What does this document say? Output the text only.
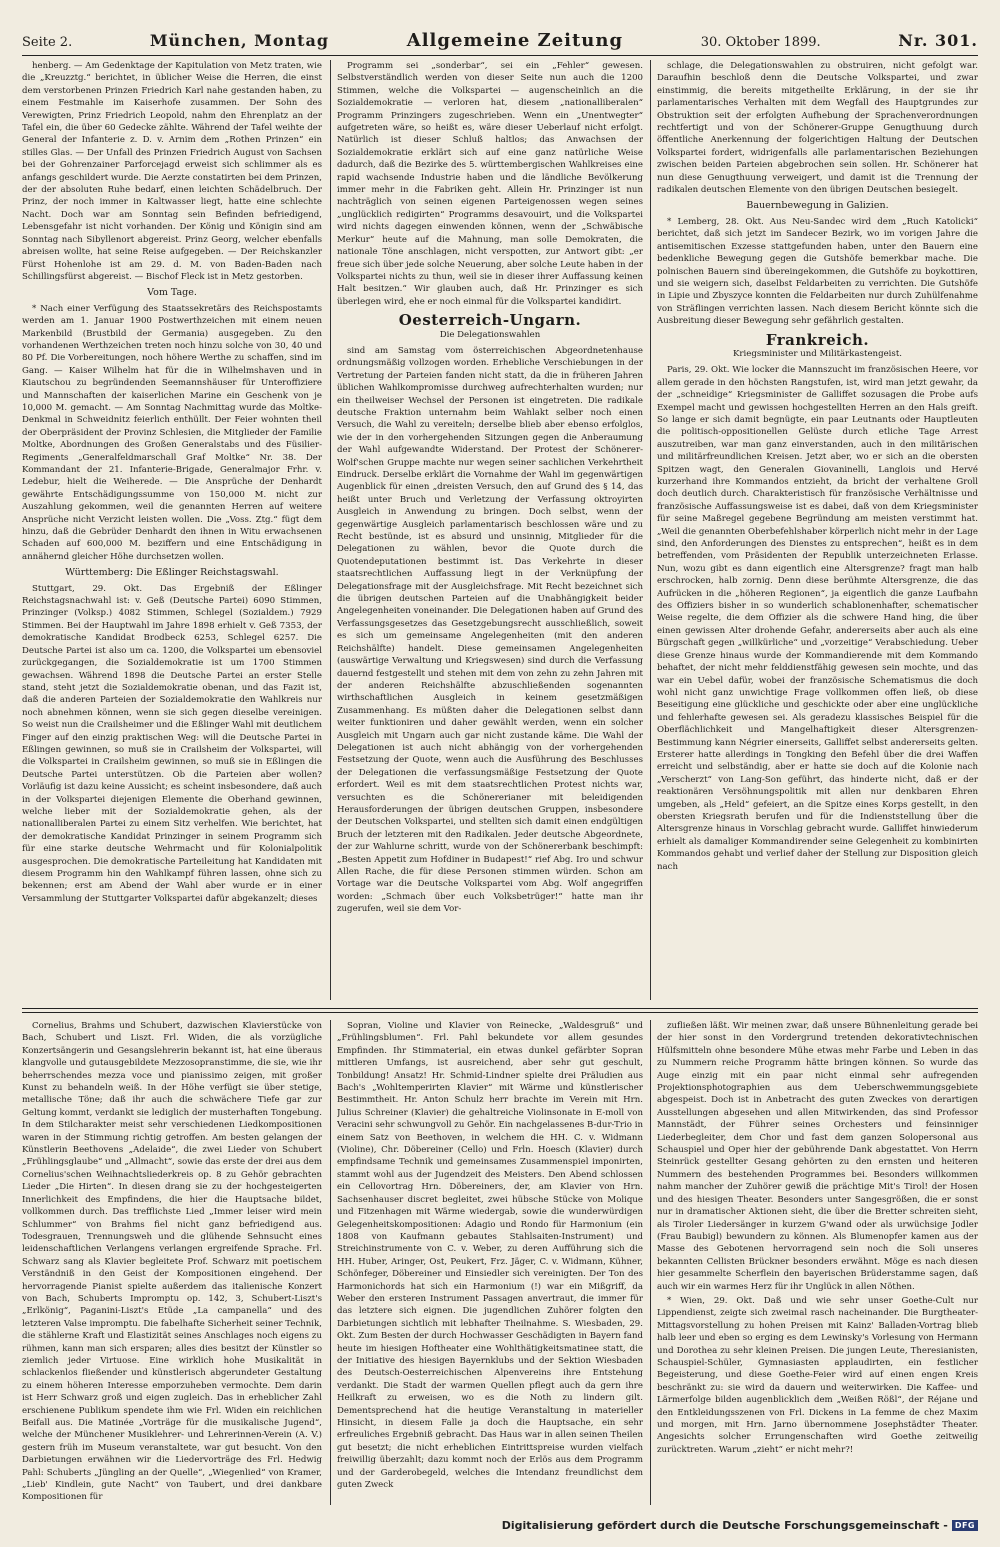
Seite 2.	München, Montag	Allgemeine Zeitung	30. Oktober 1899.	Nr. 301.

henberg. — Am Gedenktage der Kapitulation von Metz traten, wie die „Kreuzztg.“ berichtet, in üblicher Weise die Herren, die einst dem verstorbenen Prinzen Friedrich Karl nahe gestanden haben, zu einem Festmahle im Kaiserhofe zusammen. Der Sohn des Verewigten, Prinz Friedrich Leopold, nahm den Ehrenplatz an der Tafel ein, die über 60 Gedecke zählte. Während der Tafel weihte der General der Infanterie z. D. v. Arnim dem „Rothen Prinzen“ ein stilles Glas. — Der Unfall des Prinzen Friedrich August von Sachsen bei der Gohrenzainer Parforcejagd erweist sich schlimmer als es anfangs geschildert wurde. Die Aerzte constatirten bei dem Prinzen, der der absoluten Ruhe bedarf, einen leichten Schädelbruch. Der Prinz, der noch immer in Kaltwasser liegt, hatte eine schlechte Nacht. Doch war am Sonntag sein Befinden befriedigend, Lebensgefahr ist nicht vorhanden. Der König und Königin sind am Sonntag nach Sibyllenort abgereist. Prinz Georg, welcher ebenfalls abreisen wollte, hat seine Reise aufgegeben. — Der Reichskanzler Fürst Hohenlohe ist am 29. d. M. von Baden-Baden nach Schillingsfürst abgereist. — Bischof Fleck ist in Metz gestorben.

Vom Tage.

* Nach einer Verfügung des Staatssekretärs des Reichspostamts werden am 1. Januar 1900 Postwerthzeichen mit einem neuen Markenbild (Brustbild der Germania) ausgegeben. Zu den vorhandenen Werthzeichen treten noch hinzu solche von 30, 40 und 80 Pf. Die Vorbereitungen, noch höhere Werthe zu schaffen, sind im Gang. — Kaiser Wilhelm hat für die in Wilhelmshaven und in Kiautschou zu begründenden Seemannshäuser für Unteroffiziere und Mannschaften der kaiserlichen Marine ein Geschenk von je 10,000 M. gemacht. — Am Sonntag Nachmittag wurde das Moltke-Denkmal in Schweidnitz feierlich enthüllt. Der Feier wohnten theil der Oberpräsident der Provinz Schlesien, die Mitglieder der Familie Moltke, Abordnungen des Großen Generalstabs und des Füsilier-Regiments „Generalfeldmarschall Graf Moltke“ Nr. 38. Der Kommandant der 21. Infanterie-Brigade, Generalmajor Frhr. v. Ledebur, hielt die Weiherede. — Die Ansprüche der Denhardt gewährte Entschädigungssumme von 150,000 M. nicht zur Auszahlung gekommen, weil die genannten Herren auf weitere Ansprüche nicht Verzicht leisten wollen. Die „Voss. Ztg.“ fügt dem hinzu, daß die Gebrüder Denhardt den ihnen in Witu erwachsenen Schaden auf 600,000 M. beziffern und eine Entschädigung in annähernd gleicher Höhe durchsetzen wollen.

Württemberg: Die Eßlinger Reichstagswahl.

Stuttgart, 29. Okt. Das Ergebniß der Eßlinger Reichstagsnachwahl ist: v. Geß (Deutsche Partei) 6090 Stimmen, Prinzinger (Volksp.) 4082 Stimmen, Schlegel (Sozialdem.) 7929 Stimmen. Bei der Hauptwahl im Jahre 1898 erhielt v. Geß 7353, der demokratische Kandidat Brodbeck 6253, Schlegel 6257. Die Deutsche Partei ist also um ca. 1200, die Volkspartei um ebensoviel zurückgegangen, die Sozialdemokratie ist um 1700 Stimmen gewachsen. Während 1898 die Deutsche Partei an erster Stelle stand, steht jetzt die Sozialdemokratie obenan, und das Fazit ist, daß die anderen Parteien der Sozialdemokratie den Wahlkreis nur noch abnehmen können, wenn sie sich gegen dieselbe vereinigen. So weist nun die Crailsheimer und die Eßlinger Wahl mit deutlichem Finger auf den einzig praktischen Weg: will die Deutsche Partei in Eßlingen gewinnen, so muß sie in Crailsheim der Volkspartei, will die Volkspartei in Crailsheim gewinnen, so muß sie in Eßlingen die Deutsche Partei unterstützen. Ob die Parteien aber wollen? Vorläufig ist dazu keine Aussicht; es scheint insbesondere, daß auch in der Volkspartei diejenigen Elemente die Oberhand gewinnen, welche lieber mit der Sozialdemokratie gehen, als der nationalliberalen Partei zu einem Sitz verhelfen. Wie berichtet, hat der demokratische Kandidat Prinzinger in seinem Programm sich für eine starke deutsche Wehrmacht und für Kolonialpolitik ausgesprochen. Die demokratische Parteileitung hat Kandidaten mit diesem Programm hin den Wahlkampf führen lassen, ohne sich zu bekennen; erst am Abend der Wahl aber wurde er in einer Versammlung der Stuttgarter Volkspartei dafür abgekanzelt; dieses

Programm sei „sonderbar“, sei ein „Fehler“ gewesen. Selbstverständlich werden von dieser Seite nun auch die 1200 Stimmen, welche die Volkspartei — augenscheinlich an die Sozialdemokratie — verloren hat, diesem „nationalliberalen“ Programm Prinzingers zugeschrieben. Wenn ein „Unentwegter“ aufgetreten wäre, so heißt es, wäre dieser Ueberlauf nicht erfolgt. Natürlich ist dieser Schluß haltlos; das Anwachsen der Sozialdemokratie erklärt sich auf eine ganz natürliche Weise dadurch, daß die Bezirke des 5. württembergischen Wahlkreises eine rapid wachsende Industrie haben und die ländliche Bevölkerung immer mehr in die Fabriken geht. Allein Hr. Prinzinger ist nun nachträglich von seinen eigenen Parteigenossen wegen seines „unglücklich redigirten“ Programms desavouirt, und die Volkspartei wird nichts dagegen einwenden können, wenn der „Schwäbische Merkur“ heute auf die Mahnung, man solle Demokraten, die nationale Töne anschlagen, nicht verspotten, zur Antwort gibt: „er freue sich über jede solche Neuerung, aber solche Leute haben in der Volkspartei nichts zu thun, weil sie in dieser ihrer Auffassung keinen Halt besitzen.“ Wir glauben auch, daß Hr. Prinzinger es sich überlegen wird, ehe er noch einmal für die Volkspartei kandidirt.

Oesterreich-Ungarn.
Die Delegationswahlen

sind am Samstag vom österreichischen Abgeordnetenhause ordnungsmäßig vollzogen worden. Erhebliche Verschiebungen in der Vertretung der Parteien fanden nicht statt, da die in früheren Jahren üblichen Wahlkompromisse durchweg aufrechterhalten wurden; nur ein theilweiser Wechsel der Personen ist eingetreten. Die radikale deutsche Fraktion unternahm beim Wahlakt selber noch einen Versuch, die Wahl zu vereiteln; derselbe blieb aber ebenso erfolglos, wie der in den vorhergehenden Sitzungen gegen die Anberaumung der Wahl aufgewandte Widerstand. Der Protest der Schönerer-Wolf'schen Gruppe machte nur wegen seiner sachlichen Verkehrtheit Eindruck. Derselbe erklärt die Vornahme der Wahl im gegenwärtigen Augenblick für einen „dreisten Versuch, den auf Grund des § 14, das heißt unter Bruch und Verletzung der Verfassung oktroyirten Ausgleich in Anwendung zu bringen. Doch selbst, wenn der gegenwärtige Ausgleich parlamentarisch beschlossen wäre und zu Recht bestünde, ist es absurd und unsinnig, Mitglieder für die Delegationen zu wählen, bevor die Quote durch die Quotendeputationen bestimmt ist. Das Verkehrte in dieser staatsrechtlichen Auffassung liegt in der Verknüpfung der Delegationsfrage mit der Ausgleichsfrage. Mit Recht bezeichnet sich die übrigen deutschen Parteien auf die Unabhängigkeit beider Angelegenheiten voneinander. Die Delegationen haben auf Grund des Verfassungsgesetzes das Gesetzgebungsrecht ausschließlich, soweit es sich um gemeinsame Angelegenheiten (mit den anderen Reichshälfte) handelt. Diese gemeinsamen Angelegenheiten (auswärtige Verwaltung und Kriegswesen) sind durch die Verfassung dauernd festgestellt und stehen mit dem von zehn zu zehn Jahren mit der anderen Reichshälfte abzuschließenden sogenannten wirthschaftlichen Ausgleich in keinem gesetzmäßigen Zusammenhang. Es müßten daher die Delegationen selbst dann weiter funktioniren und daher gewählt werden, wenn ein solcher Ausgleich mit Ungarn auch gar nicht zustande käme. Die Wahl der Delegationen ist auch nicht abhängig von der vorhergehenden Festsetzung der Quote, wenn auch die Ausführung des Beschlusses der Delegationen die verfassungsmäßige Festsetzung der Quote erfordert. Weil es mit dem staatsrechtlichen Protest nichts war, versuchten es die Schönererianer mit beleidigenden Herausforderungen der übrigen deutschen Gruppen, insbesondere der Deutschen Volkspartei, und stellten sich damit einen endgültigen Bruch der letzteren mit den Radikalen. Jeder deutsche Abgeordnete, der zur Wahlurne schritt, wurde von der Schönererbank beschimpft: „Besten Appetit zum Hofdiner in Budapest!“ rief Abg. Iro und schwur Allen Rache, die für diese Personen stimmen würden. Schon am Vortage war die Deutsche Volkspartei vom Abg. Wolf angegriffen worden: „Schmach über euch Volksbetrüger!“ hatte man ihr zugerufen, weil sie dem Vor-

schlage, die Delegationswahlen zu obstruiren, nicht gefolgt war. Daraufhin beschloß denn die Deutsche Volkspartei, und zwar einstimmig, die bereits mitgetheilte Erklärung, in der sie ihr parlamentarisches Verhalten mit dem Wegfall des Hauptgrundes zur Obstruktion seit der erfolgten Aufhebung der Sprachenverordnungen rechtfertigt und von der Schönerer-Gruppe Genugthuung durch öffentliche Anerkennung der folgerichtigen Haltung der Deutschen Volkspartei fordert, widrigenfalls alle parlamentarischen Beziehungen zwischen beiden Parteien abgebrochen sein sollen. Hr. Schönerer hat nun diese Genugthuung verweigert, und damit ist die Trennung der radikalen deutschen Elemente von den übrigen Deutschen besiegelt.

Bauernbewegung in Galizien.

* Lemberg, 28. Okt. Aus Neu-Sandec wird dem „Ruch Katolicki“ berichtet, daß sich jetzt im Sandecer Bezirk, wo im vorigen Jahre die antisemitischen Exzesse stattgefunden haben, unter den Bauern eine bedenkliche Bewegung gegen die Gutshöfe bemerkbar mache. Die polnischen Bauern sind übereingekommen, die Gutshöfe zu boykottiren, und sie weigern sich, daselbst Feldarbeiten zu verrichten. Die Gutshöfe in Lipie und Zbyszyce konnten die Feldarbeiten nur durch Zuhülfenahme von Sträflingen verrichten lassen. Nach diesem Bericht könnte sich die Ausbreitung dieser Bewegung sehr gefährlich gestalten.

Frankreich.
Kriegsminister und Militärkastengeist.

Paris, 29. Okt. Wie locker die Mannszucht im französischen Heere, vor allem gerade in den höchsten Rangstufen, ist, wird man jetzt gewahr, da der „schneidige“ Kriegsminister de Galliffet sozusagen die Probe aufs Exempel macht und gewissen hochgestellten Herren an den Hals greift. So lange er sich damit begnügte, ein paar Leutnants oder Hauptleuten die politisch-oppositionellen Gelüste durch etliche Tage Arrest auszutreiben, war man ganz einverstanden, auch in den militärischen und militärfreundlichen Kreisen. Jetzt aber, wo er sich an die obersten Spitzen wagt, den Generalen Giovaninelli, Langlois und Hervé kurzerhand ihre Kommandos entzieht, da bricht der verhaltene Groll doch deutlich durch. Charakteristisch für französische Verhältnisse und französische Auffassungsweise ist es dabei, daß von dem Kriegsminister für seine Maßregel gegebene Begründung am meisten verstimmt hat. „Weil die genannten Oberbefehlshaber körperlich nicht mehr in der Lage sind, den Anforderungen des Dienstes zu entsprechen“, heißt es in dem betreffenden, vom Präsidenten der Republik unterzeichneten Erlasse. Nun, wozu gibt es dann eigentlich eine Altersgrenze? fragt man halb erschrocken, halb zornig. Denn diese berühmte Altersgrenze, die das Aufrücken in die „höheren Regionen“, ja eigentlich die ganze Laufbahn des Offiziers bisher in so wunderlich schablonenhafter, schematischer Weise regelte, die dem Offizier als die schwere Hand hing, die über einen gewissen Alter drohende Gefahr, andererseits aber auch als eine Bürgschaft gegen „willkürliche“ und „vorzeitige“ Verabschiedung. Ueber diese Grenze hinaus wurde der Kommandierende mit dem Kommando behaftet, der nicht mehr felddienstfähig gewesen sein mochte, und das war ein Uebel dafür, wobei der französische Schematismus die doch wohl nicht ganz unwichtige Frage vollkommen offen ließ, ob diese Beseitigung eine glückliche und geschickte oder aber eine unglückliche und fehlerhafte gewesen sei. Als geradezu klassisches Beispiel für die Oberflächlichkeit und Mangelhaftigkeit dieser Altersgrenzen-Bestimmung kann Négrier einerseits, Galliffet selbst andererseits gelten. Ersterer hatte allerdings in Tongking den Befehl über die drei Waffen erreicht und selbständig, aber er hatte sie doch auf die Kolonie nach „Verscherzt“ von Lang-Son geführt, das hinderte nicht, daß er der reaktionären Versöhnungspolitik mit allen nur denkbaren Ehren umgeben, als „Held“ gefeiert, an die Spitze eines Korps gestellt, in den obersten Kriegsrath berufen und für die Indienststellung über die Altersgrenze hinaus in Vorschlag gebracht wurde. Galliffet hinwiederum erhielt als damaliger Kommandirender seine Gelegenheit zu kombinirten Kommandos gehabt und verlief daher der Stellung zur Disposition gleich nach

Cornelius, Brahms und Schubert, dazwischen Klavierstücke von Bach, Schubert und Liszt. Frl. Widen, die als vorzügliche Konzertsängerin und Gesangslehrerin bekannt ist, hat eine überaus klangvolle und gutausgebildete Mezzosopranstimme, die sie, wie ihr beherrschendes mezza voce und pianissimo zeigen, mit großer Kunst zu behandeln weiß. In der Höhe verfügt sie über stetige, metallische Töne; daß ihr auch die schwächere Tiefe gar zur Geltung kommt, verdankt sie lediglich der musterhaften Tongebung. In dem Stilcharakter meist sehr verschiedenen Liedkompositionen waren in der Stimmung richtig getroffen. Am besten gelangen der Künstlerin Beethovens „Adelaide“, die zwei Lieder von Schubert „Frühlingsglaube“ und „Allmacht“, sowie das erste der drei aus dem Cornelius'schen Weihnachtsliederkreis op. 8 zu Gehör gebrachten Lieder „Die Hirten“. In diesen drang sie zu der hochgesteigerten Innerlichkeit des Empfindens, die hier die Hauptsache bildet, vollkommen durch. Das trefflichste Lied „Immer leiser wird mein Schlummer“ von Brahms fiel nicht ganz befriedigend aus. Todesgrauen, Trennungsweh und die glühende Sehnsucht eines leidenschaftlichen Verlangens verlangen ergreifende Sprache. Frl. Schwarz sang als Klavier begleitete Prof. Schwarz mit poetischem Verständniß in den Geist der Kompositionen eingehend. Der hervorragende Pianist spielte außerdem das italienische Konzert von Bach, Schuberts Impromptu op. 142, 3, Schubert-Liszt's „Erlkönig“, Paganini-Liszt's Etüde „La campanella“ und des letzteren Valse impromptu. Die fabelhafte Sicherheit seiner Technik, die stählerne Kraft und Elastizität seines Anschlages noch eigens zu rühmen, kann man sich ersparen; alles dies besitzt der Künstler so ziemlich jeder Virtuose. Eine wirklich hohe Musikalität in schlackenlos fließender und künstlerisch abgerundeter Gestaltung zu einem höheren Interesse emporzuheben vermochte. Dem darin ist Herr Schwarz groß und eigen zugleich. Das in erheblicher Zahl erschienene Publikum spendete ihm wie Frl. Widen ein reichlichen Beifall aus. Die Matinée „Vorträge für die musikalische Jugend“, welche der Münchener Musiklehrer- und Lehrerinnen-Verein (A. V.) gestern früh im Museum veranstaltete, war gut besucht. Von den Darbietungen erwähnen wir die Liedervorträge des Frl. Hedwig Pahl: Schuberts „Jüngling an der Quelle“, „Wiegenlied“ von Kramer, „Lieb' Kindlein, gute Nacht“ von Taubert, und drei dankbare Kompositionen für

Sopran, Violine und Klavier von Reinecke, „Waldesgruß“ und „Frühlingsblumen“. Frl. Pahl bekundete vor allem gesundes Empfinden. Ihr Stimmaterial, ein etwas dunkel gefärbter Sopran mittleren Umfangs, ist ausreichend, aber sehr gut geschult, Tonbildung! Ansatz! Hr. Schmid-Lindner spielte drei Präludien aus Bach's „Wohltemperirten Klavier“ mit Wärme und künstlerischer Bestimmtheit. Hr. Anton Schulz herr brachte im Verein mit Hrn. Julius Schreiner (Klavier) die gehaltreiche Violinsonate in E-moll von Veracini sehr schwungvoll zu Gehör. Ein nachgelassenes B-dur-Trio in einem Satz von Beethoven, in welchem die HH. C. v. Widmann (Violine), Chr. Döbereiner (Cello) und Frln. Hoesch (Klavier) durch empfindsame Technik und gemeinsames Zusammenspiel imponirten, stammt wohl aus der Jugendzeit des Meisters. Den Abend schlossen ein Cellovortrag Hrn. Döbereiners, der, am Klavier von Hrn. Sachsenhauser discret begleitet, zwei hübsche Stücke von Molique und Fitzenhagen mit Wärme wiedergab, sowie die wunderwürdigen Gelegenheitskompositionen: Adagio und Rondo für Harmonium (ein 1808 von Kaufmann gebautes Stahlsaiten-Instrument) und Streichinstrumente von C. v. Weber, zu deren Aufführung sich die HH. Huber, Aringer, Ost, Peukert, Frz. Jäger, C. v. Widmann, Kühner, Schönfeger, Döbereiner und Einsiedler sich vereinigten. Der Ton des Harmonichords hat sich ein Harmonium (!) war ein Mißgriff, da Weber den ersteren Instrument Passagen anvertraut, die immer für das letztere sich eignen. Die jugendlichen Zuhörer folgten den Darbietungen sichtlich mit lebhafter Theilnahme. S. Wiesbaden, 29. Okt. Zum Besten der durch Hochwasser Geschädigten in Bayern fand heute im hiesigen Hoftheater eine Wohlthätigkeitsmatinee statt, die der Initiative des hiesigen Bayernklubs und der Sektion Wiesbaden des Deutsch-Oesterreichischen Alpenvereins ihre Entstehung verdankt. Die Stadt der warmen Quellen pflegt auch da gern ihre Heilkraft zu erweisen, wo es die Noth zu lindern gilt. Dementsprechend hat die heutige Veranstaltung in materieller Hinsicht, in diesem Falle ja doch die Hauptsache, ein sehr erfreuliches Ergebniß gebracht. Das Haus war in allen seinen Theilen gut besetzt; die nicht erheblichen Eintrittspreise wurden vielfach freiwillig überzahlt; dazu kommt noch der Erlös aus dem Programm und der Garderobegeld, welches die Intendanz freundlichst dem guten Zweck

zufließen läßt. Wir meinen zwar, daß unsere Bühnenleitung gerade bei der hier sonst in den Vordergrund tretenden dekorativtechnischen Hülfsmitteln ohne besondere Mühe etwas mehr Farbe und Leben in das zu Nummern reiche Programm hätte bringen können. So wurde das Auge einzig mit ein paar nicht einmal sehr aufregenden Projektionsphotographien aus dem Ueberschwemmungsgebiete abgespeist. Doch ist in Anbetracht des guten Zweckes von derartigen Ausstellungen abgesehen und allen Mitwirkenden, das sind Professor Mannstädt, der Führer seines Orchesters und feinsinniger Liederbegleiter, dem Chor und fast dem ganzen Solopersonal aus Schauspiel und Oper hier der gebührende Dank abgestattet. Von Herrn Steinrück gestellter Gesang gehörten zu den ernsten und heiteren Nummern des bestehenden Programmes bei. Besonders willkommen nahm mancher der Zuhörer gewiß die prächtige Mit's Tirol! der Hosen und des hiesigen Theater. Besonders unter Sangesgrößen, die er sonst nur in dramatischer Aktionen sieht, die über die Bretter schreiten sieht, als Tiroler Liedersänger in kurzem G'wand oder als urwüchsige Jodler (Frau Baubigl) bewundern zu können. Als Blumenopfer kamen aus der Masse des Gebotenen hervorragend sein noch die Soli unseres bekannten Cellisten Brückner besonders erwähnt. Möge es nach diesen hier gesammelte Scherflein den bayerischen Brüderstamme sagen, daß auch wir ein warmes Herz für ihr Unglück in allen Nöthen.

* Wien, 29. Okt. Daß und wie sehr unser Goethe-Cult nur Lippendienst, zeigte sich zweimal rasch nacheinander. Die Burgtheater-Mittagsvorstellung zu hohen Preisen mit Kainz' Balladen-Vortrag blieb halb leer und eben so erging es dem Lewinsky's Vorlesung von Hermann und Dorothea zu sehr kleinen Preisen. Die jungen Leute, Theresianisten, Schauspiel-Schüler, Gymnasiasten applaudirten, ein festlicher Begeisterung, und diese Goethe-Feier wird auf einen engen Kreis beschränkt zu: sie wird da dauern und weiterwirken. Die Kaffee- und Lärmerfolge bilden augenblicklich dem „Weißen Rößl“, der Réjane und den Entkleidungsszenen von Frl. Dickens in La femme de chez Maxim und morgen, mit Hrn. Jarno übernommene Josephstädter Theater. Angesichts solcher Errungenschaften wird Goethe zeitweilig zurücktreten. Warum „zieht“ er nicht mehr?!

Digitalisierung gefördert durch die Deutsche Forschungsgemeinschaft - DFG
